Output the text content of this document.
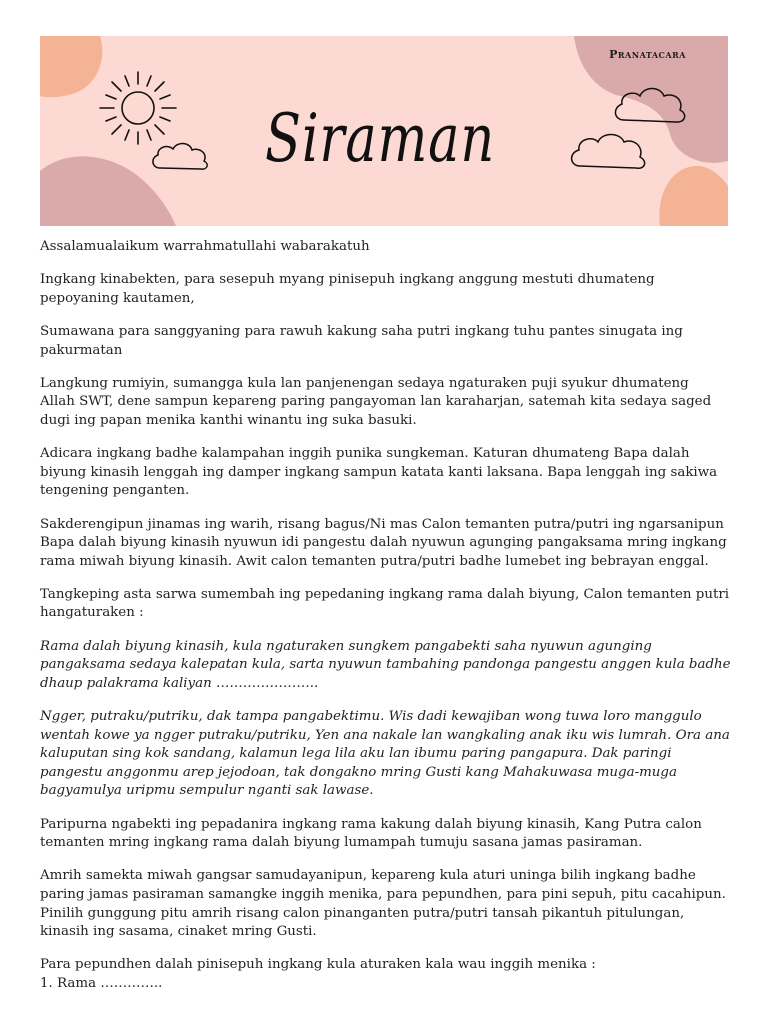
Siraman
Pranatacara

Assalamualaikum warrahmatullahi wabarakatuh

Ingkang kinabekten, para sesepuh myang pinisepuh ingkang anggung mestuti dhumateng
pepoyaning kautamen,

Sumawana para sanggyaning para rawuh kakung saha putri ingkang tuhu pantes sinugata ing
pakurmatan

Langkung rumiyin, sumangga kula lan panjenengan sedaya ngaturaken puji syukur dhumateng
Allah SWT, dene sampun kepareng paring pangayoman lan karaharjan, satemah kita sedaya saged
dugi ing papan menika kanthi winantu ing suka basuki.

Adicara ingkang badhe kalampahan inggih punika sungkeman. Katuran dhumateng Bapa dalah
biyung kinasih lenggah ing damper ingkang sampun katata kanti laksana. Bapa lenggah ing sakiwa
tengening penganten.

Sakderengipun jinamas ing warih, risang bagus/Ni mas Calon temanten putra/putri ing ngarsanipun
Bapa dalah biyung kinasih nyuwun idi pangestu dalah nyuwun agunging pangaksama mring ingkang
rama miwah biyung kinasih. Awit calon temanten putra/putri badhe lumebet ing bebrayan enggal.

Tangkeping asta sarwa sumembah ing pepedaning ingkang rama dalah biyung, Calon temanten putri
hangaturaken :

Rama dalah biyung kinasih, kula ngaturaken sungkem pangabekti saha nyuwun agunging
pangaksama sedaya kalepatan kula, sarta nyuwun tambahing pandonga pangestu anggen kula badhe
dhaup palakrama kaliyan …………………..

Ngger, putraku/putriku, dak tampa pangabektimu. Wis dadi kewajiban wong tuwa loro manggulo
wentah kowe ya ngger putraku/putriku, Yen ana nakale lan wangkaling anak iku wis lumrah. Ora ana
kaluputan sing kok sandang, kalamun lega lila aku lan ibumu paring pangapura. Dak paringi
pangestu anggonmu arep jejodoan, tak dongakno mring Gusti kang Mahakuwasa muga-muga
bagyamulya uripmu sempulur nganti sak lawase.

Paripurna ngabekti ing pepadanira ingkang rama kakung dalah biyung kinasih, Kang Putra calon
temanten mring ingkang rama dalah biyung lumampah tumuju sasana jamas pasiraman.

Amrih samekta miwah gangsar samudayanipun, kepareng kula aturi uninga bilih ingkang badhe
paring jamas pasiraman samangke inggih menika, para pepundhen, para pini sepuh, pitu cacahipun.
Pinilih gunggung pitu amrih risang calon pinanganten putra/putri tansah pikantuh pitulungan,
kinasih ing sasama, cinaket mring Gusti.

Para pepundhen dalah pinisepuh ingkang kula aturaken kala wau inggih menika :
1. Rama …………..
